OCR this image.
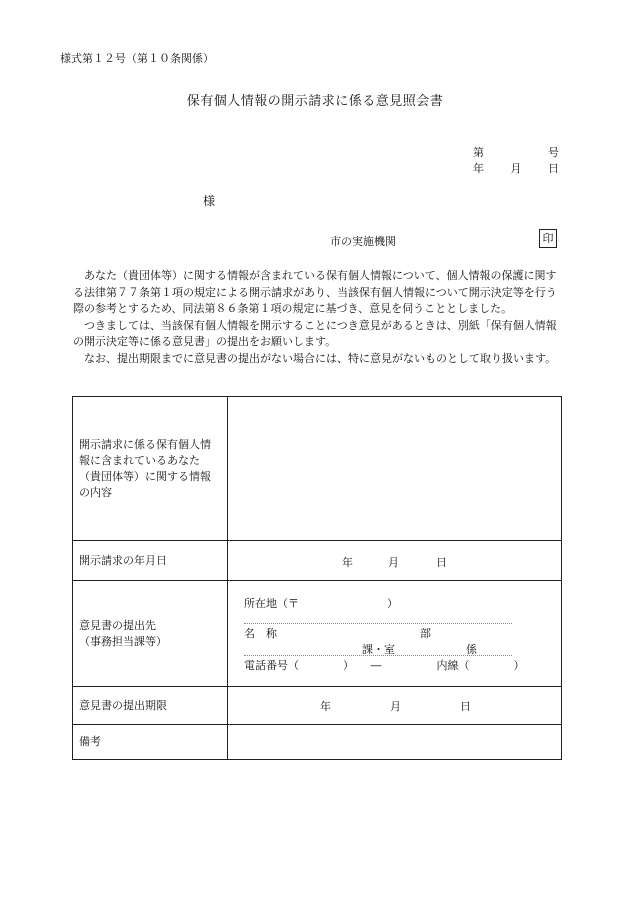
様式第１２号（第１０条関係）
保有個人情報の開示請求に係る意見照会書
第	号
年 月 日
様
市の実施機関	印

あなた（貴団体等）に関する情報が含まれている保有個人情報について、個人情報の保護に関する法律第７７条第１項の規定による開示請求があり、当該保有個人情報について開示決定等を行う際の参考とするため、同法第８６条第１項の規定に基づき、意見を伺うこととしました。

つきましては、当該保有個人情報を開示することにつき意見があるときは、別紙「保有個人情報の開示決定等に係る意見書」の提出をお願いします。

なお、提出期限までに意見書の提出がない場合には、特に意見がないものとして取り扱います。

開示請求に係る保有個人情報に含まれているあなた（貴団体等）に関する情報の内容
開示請求の年月日	年	月	日
意見書の提出先
（事務担当課等）
所在地（〒　　　　　　　　）
名　称	部
課・室	係
電話番号（　　　　）　　―　　　　　内線（　　　　）
意見書の提出期限	年	月	日
備考
